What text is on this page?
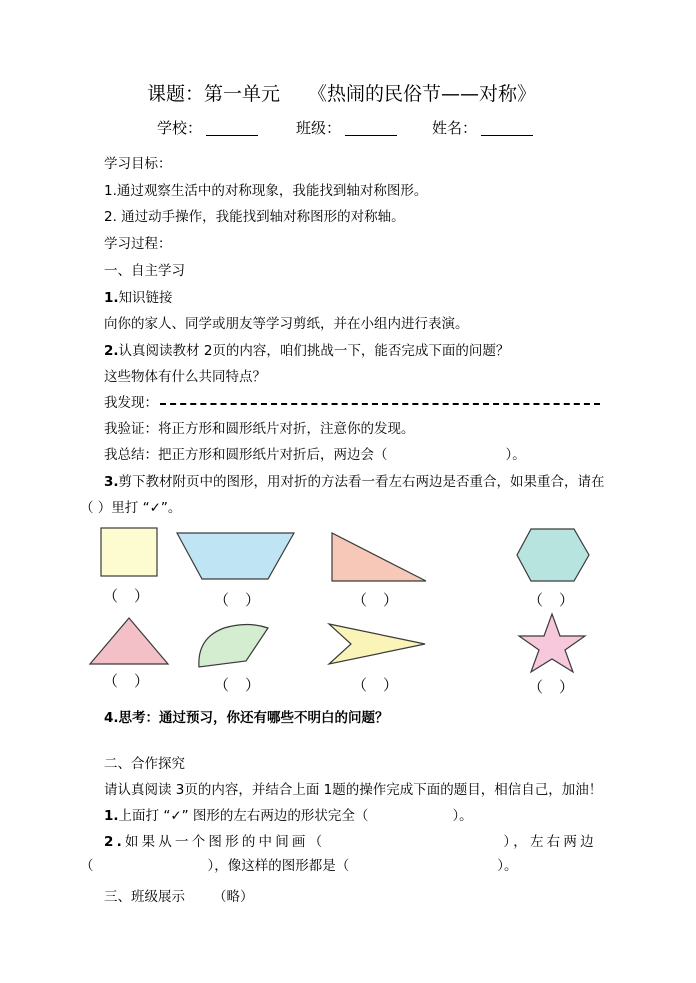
课题：第一单元 《热闹的民俗节——对称》
学校：	班级：	姓名：
学习目标：
1.通过观察生活中的对称现象，我能找到轴对称图形。
2. 通过动手操作，我能找到轴对称图形的对称轴。
学习过程：
一、自主学习
1.知识链接
向你的家人、同学或朋友等学习剪纸，并在小组内进行表演。
2.认真阅读教材 2页的内容，咱们挑战一下，能否完成下面的问题？
这些物体有什么共同特点？
我发现：
我验证：将正方形和圆形纸片对折，注意你的发现。
我总结：把正方形和圆形纸片对折后，两边会（	）。
3.剪下教材附页中的图形，用对折的方法看一看左右两边是否重合，如果重合，请在
（ ）里打 “✓”。
（ ）	（ ）	（ ）	（ ）
（ ）	（ ）	（ ）	（ ）
4.思考：通过预习，你还有哪些不明白的问题？
二、合作探究
请认真阅读 3页的内容，并结合上面 1题的操作完成下面的题目，相信自己，加油！
1.上面打 “✓” 图形的左右两边的形状完全（	）。
2.如果从一个图形的中间画（	），左右两边
（	），像这样的图形都是（	）。
三、班级展示 （略）
